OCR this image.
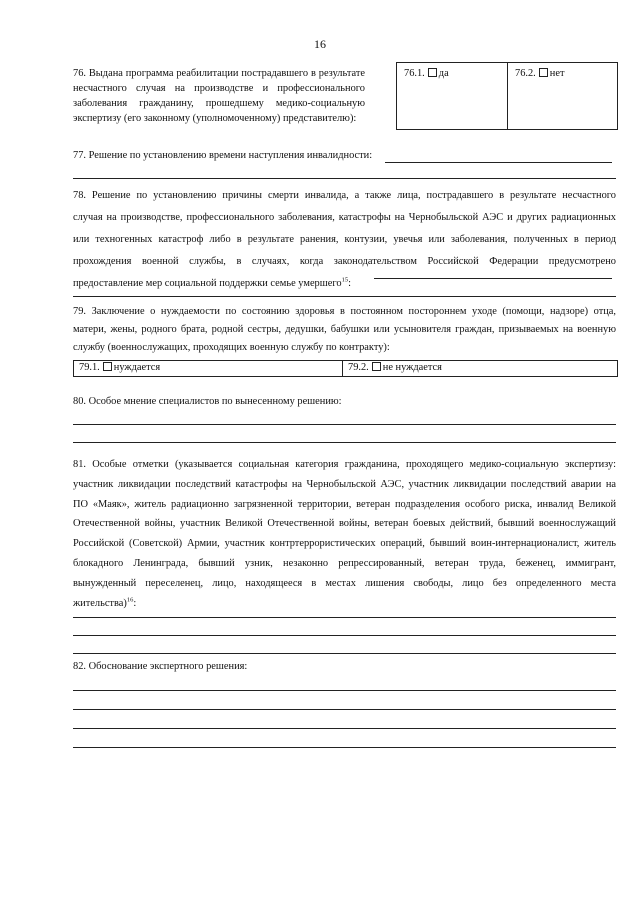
16
76. Выдана программа реабилитации пострадавшего в результате
несчастного случая на производстве и профессионального
заболевания гражданину, прошедшему медико-социальную
экспертизу (его законному (уполномоченному) представителю):
76.1. да	76.2. нет
77. Решение по установлению времени наступления инвалидности:
78. Решение по установлению причины смерти инвалида, а также лица, пострадавшего в результате несчастного
случая на производстве, профессионального заболевания, катастрофы на Чернобыльской АЭС и других радиационных
или техногенных катастроф либо в результате ранения, контузии, увечья или заболевания, полученных в период
прохождения военной службы, в случаях, когда законодательством Российской Федерации предусмотрено
предоставление мер социальной поддержки семье умершего$^{15}$:
79. Заключение о нуждаемости по состоянию здоровья в постоянном постороннем уходе (помощи, надзоре) отца,
матери, жены, родного брата, родной сестры, дедушки, бабушки или усыновителя граждан, призываемых на военную
службу (военнослужащих, проходящих военную службу по контракту):
79.1. нуждается	79.2. не нуждается
80. Особое мнение специалистов по вынесенному решению:
81. Особые отметки (указывается социальная категория гражданина, проходящего медико-социальную экспертизу:
участник ликвидации последствий катастрофы на Чернобыльской АЭС, участник ликвидации последствий аварии на
ПО «Маяк», житель радиационно загрязненной территории, ветеран подразделения особого риска, инвалид Великой
Отечественной войны, участник Великой Отечественной войны, ветеран боевых действий, бывший военнослужащий
Российской (Советской) Армии, участник контртеррористических операций, бывший воин-интернационалист, житель
блокадного Ленинграда, бывший узник, незаконно репрессированный, ветеран труда, беженец, иммигрант,
вынужденный переселенец, лицо, находящееся в местах лишения свободы, лицо без определенного места
жительства)$^{16}$:
82. Обоснование экспертного решения:
